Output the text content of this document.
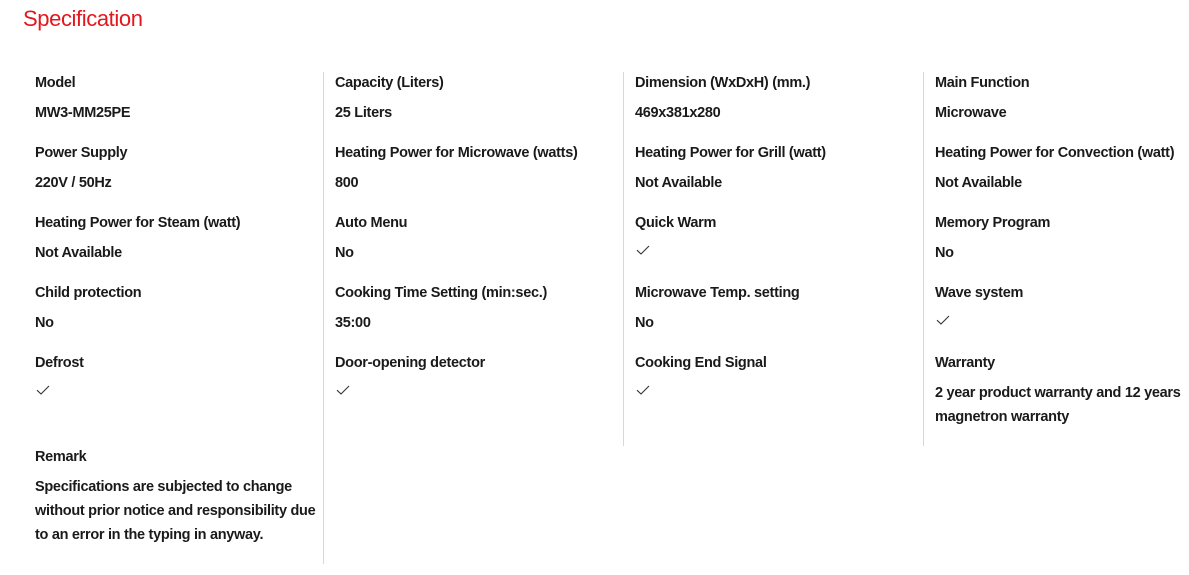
Specification
Model
MW3-MM25PE
Power Supply
220V / 50Hz
Heating Power for Steam (watt)
Not Available
Child protection
No
Defrost
Remark
Specifications are subjected to change without prior notice and responsibility due to an error in the typing in anyway.
Capacity (Liters)
25 Liters
Heating Power for Microwave (watts)
800
Auto Menu
No
Cooking Time Setting (min:sec.)
35:00
Door-opening detector
Dimension (WxDxH) (mm.)
469x381x280
Heating Power for Grill (watt)
Not Available
Quick Warm
Microwave Temp. setting
No
Cooking End Signal
Main Function
Microwave
Heating Power for Convection (watt)
Not Available
Memory Program
No
Wave system
Warranty
2 year product warranty and 12 years magnetron warranty
